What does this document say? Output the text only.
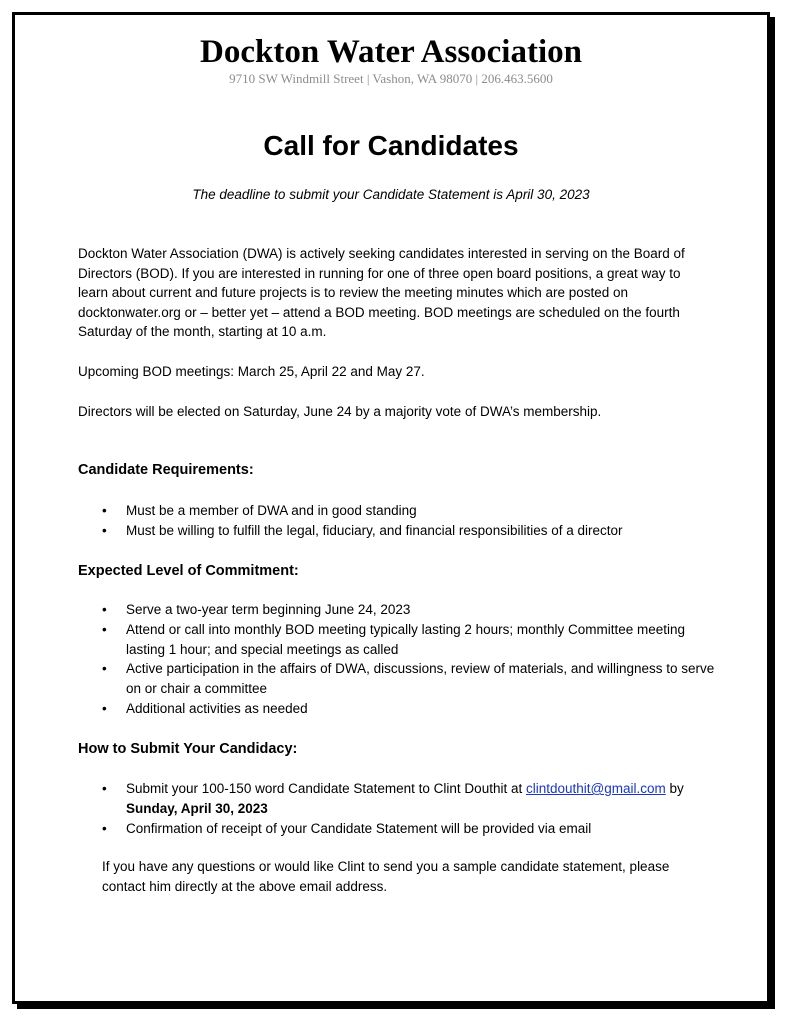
Dockton Water Association
9710 SW Windmill Street | Vashon, WA 98070 | 206.463.5600
Call for Candidates
The deadline to submit your Candidate Statement is April 30, 2023
Dockton Water Association (DWA) is actively seeking candidates interested in serving on the Board of Directors (BOD). If you are interested in running for one of three open board positions, a great way to learn about current and future projects is to review the meeting minutes which are posted on docktonwater.org or – better yet – attend a BOD meeting. BOD meetings are scheduled on the fourth Saturday of the month, starting at 10 a.m.
Upcoming BOD meetings: March 25, April 22 and May 27.
Directors will be elected on Saturday, June 24 by a majority vote of DWA’s membership.
Candidate Requirements:
• Must be a member of DWA and in good standing
• Must be willing to fulfill the legal, fiduciary, and financial responsibilities of a director
Expected Level of Commitment:
• Serve a two-year term beginning June 24, 2023
• Attend or call into monthly BOD meeting typically lasting 2 hours; monthly Committee meeting lasting 1 hour; and special meetings as called
• Active participation in the affairs of DWA, discussions, review of materials, and willingness to serve on or chair a committee
• Additional activities as needed
How to Submit Your Candidacy:
• Submit your 100-150 word Candidate Statement to Clint Douthit at clintdouthit@gmail.com by Sunday, April 30, 2023
• Confirmation of receipt of your Candidate Statement will be provided via email
If you have any questions or would like Clint to send you a sample candidate statement, please contact him directly at the above email address.
